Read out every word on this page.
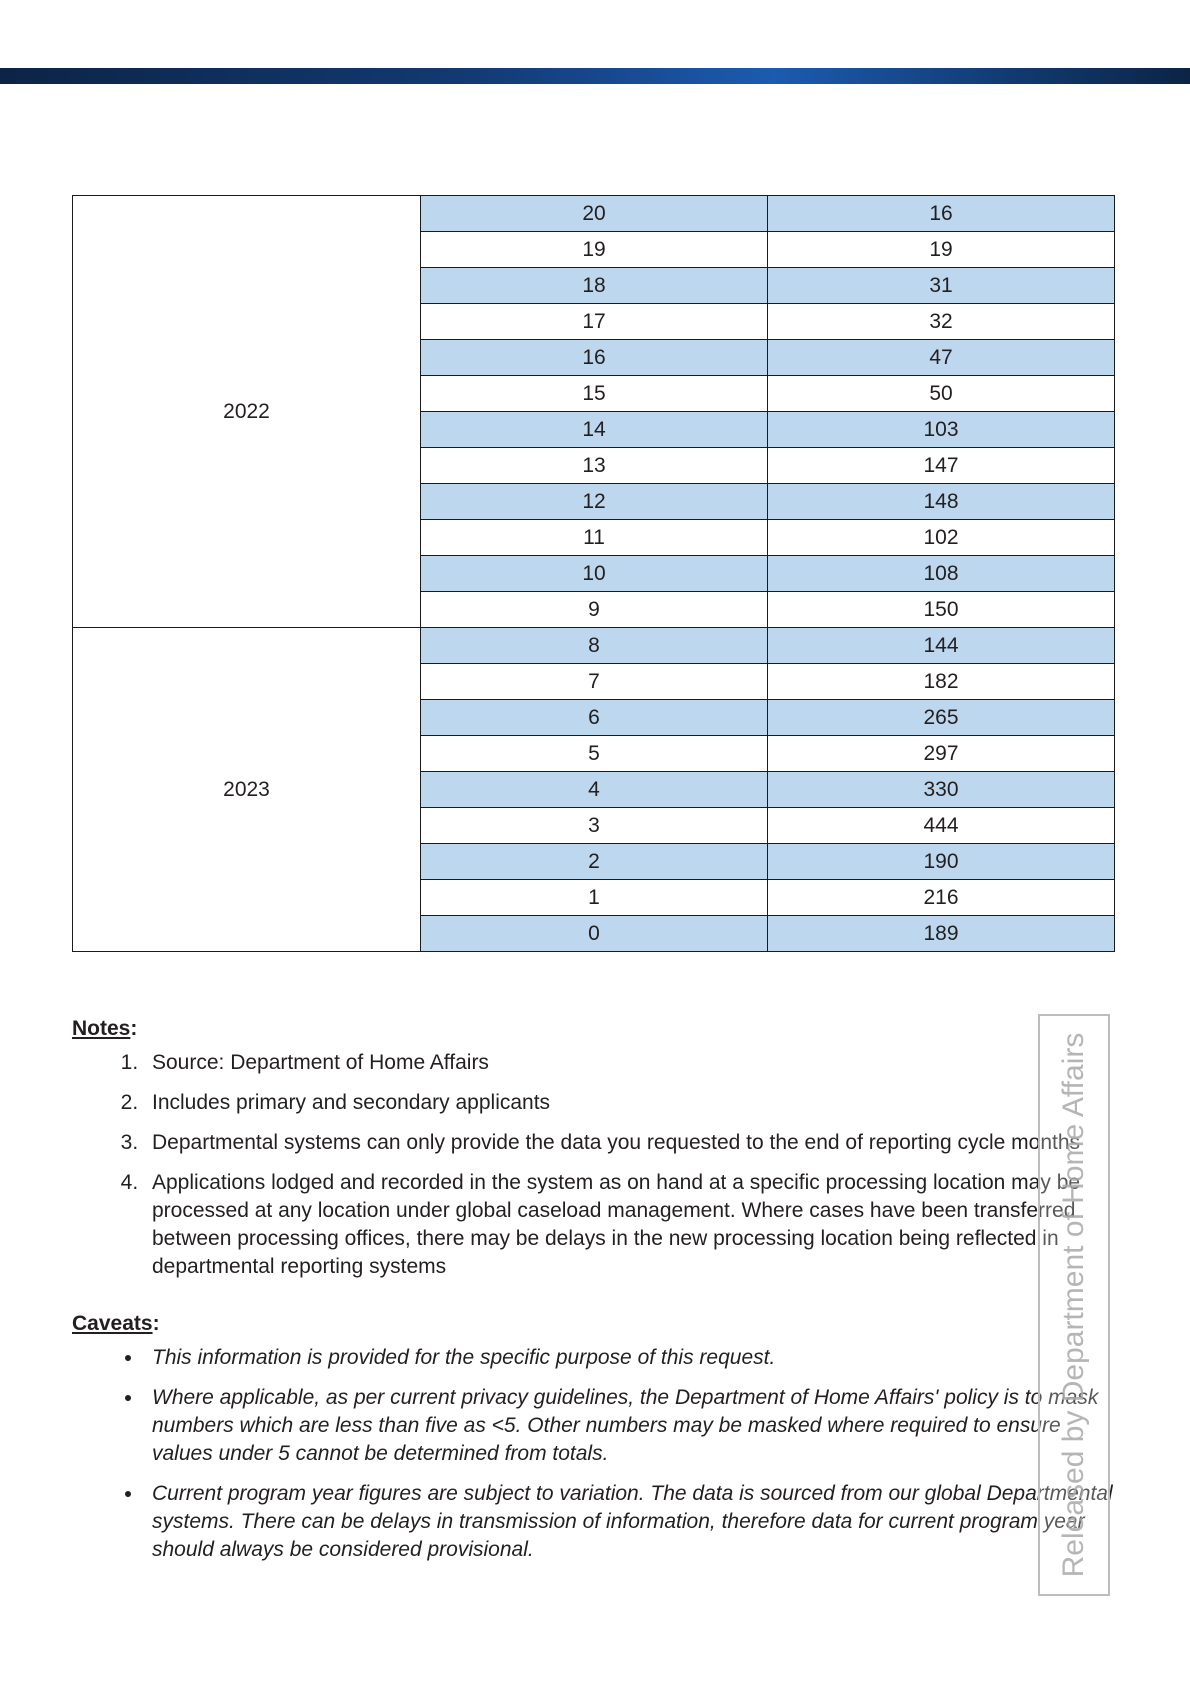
2022	20	16
	19	19
	18	31
	17	32
	16	47
	15	50
	14	103
	13	147
	12	148
	11	102
	10	108
	9	150
2023	8	144
	7	182
	6	265
	5	297
	4	330
	3	444
	2	190
	1	216
	0	189
Notes:
1. Source: Department of Home Affairs
2. Includes primary and secondary applicants
3. Departmental systems can only provide the data you requested to the end of reporting cycle months
4. Applications lodged and recorded in the system as on hand at a specific processing location may be processed at any location under global caseload management. Where cases have been transferred between processing offices, there may be delays in the new processing location being reflected in departmental reporting systems
Caveats:
• This information is provided for the specific purpose of this request.
• Where applicable, as per current privacy guidelines, the Department of Home Affairs' policy is to mask numbers which are less than five as <5. Other numbers may be masked where required to ensure values under 5 cannot be determined from totals.
• Current program year figures are subject to variation. The data is sourced from our global Departmental systems. There can be delays in transmission of information, therefore data for current program year should always be considered provisional.	Released by Department of Home Affairs
